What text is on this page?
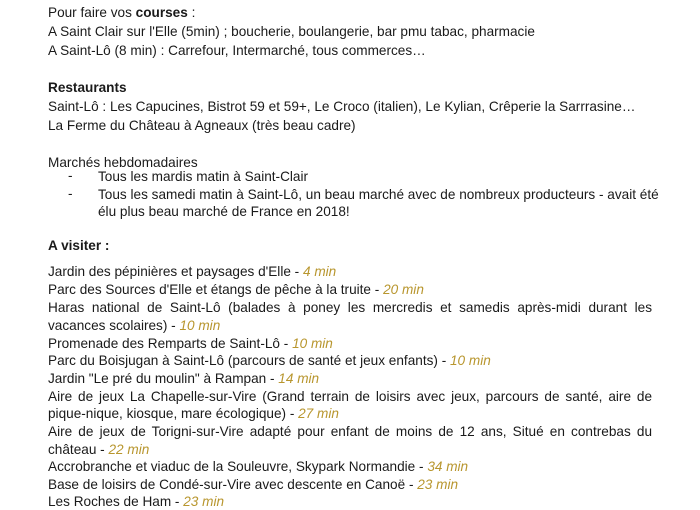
Pour faire vos courses :
A Saint Clair sur l'Elle (5min) ; boucherie, boulangerie, bar pmu tabac, pharmacie
A Saint-Lô (8 min) : Carrefour, Intermarché, tous commerces…
Restaurants
Saint-Lô : Les Capucines, Bistrot 59 et 59+, Le Croco (italien), Le Kylian, Crêperie la Sarrrasine…
La Ferme du Château à Agneaux (très beau cadre)
Marchés hebdomadaires
- Tous les mardis matin à Saint-Clair
- Tous les samedi matin à Saint-Lô, un beau marché avec de nombreux producteurs - avait été
élu plus beau marché de France en 2018!
A visiter :
Jardin des pépinières et paysages d'Elle - 4 min
Parc des Sources d'Elle et étangs de pêche à la truite - 20 min
Haras national de Saint-Lô (balades à poney les mercredis et samedis après-midi durant les
vacances scolaires) - 10 min
Promenade des Remparts de Saint-Lô - 10 min
Parc du Boisjugan à Saint-Lô (parcours de santé et jeux enfants) - 10 min
Jardin "Le pré du moulin" à Rampan - 14 min
Aire de jeux La Chapelle-sur-Vire (Grand terrain de loisirs avec jeux, parcours de santé, aire de
pique-nique, kiosque, mare écologique) - 27 min
Aire de jeux de Torigni-sur-Vire adapté pour enfant de moins de 12 ans, Situé en contrebas du
château - 22 min
Accrobranche et viaduc de la Souleuvre, Skypark Normandie - 34 min
Base de loisirs de Condé-sur-Vire avec descente en Canoë - 23 min
Les Roches de Ham - 23 min
